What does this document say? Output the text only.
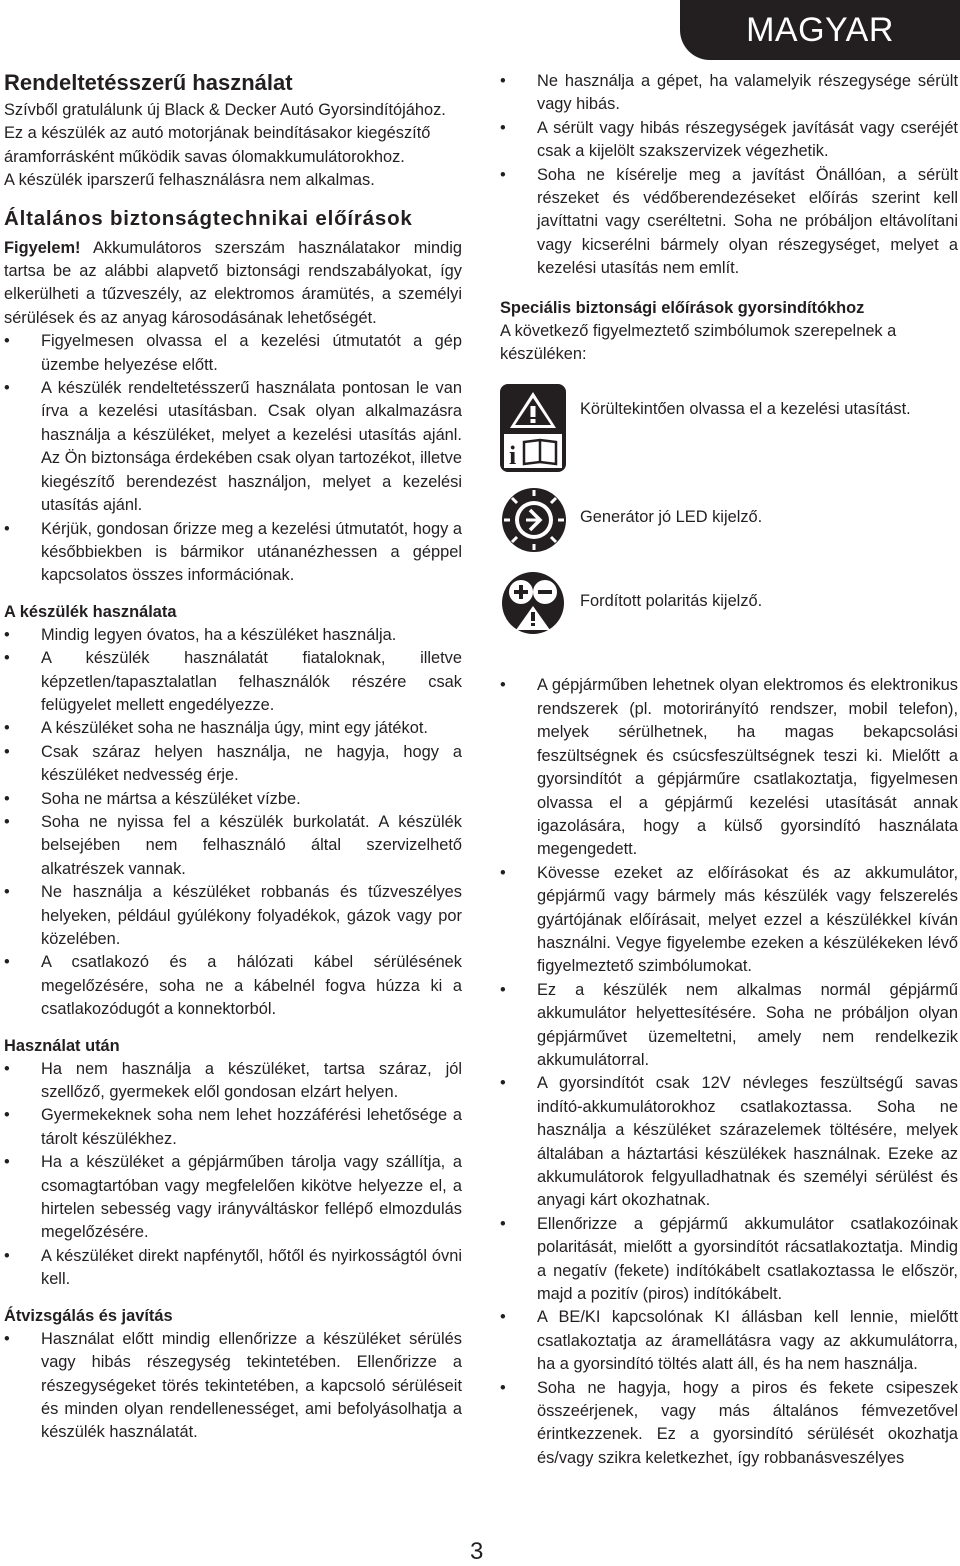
MAGYAR
Rendeltetésszerű használat

Szívből gratulálunk új Black & Decker Autó Gyorsindítójához. Ez a készülék az autó motorjának beindításakor kiegészítő áramforrásként működik savas ólomakkumulátorokhoz.

A készülék iparszerű felhasználásra nem alkalmas.

Általános biztonságtechnikai előírások

Figyelem! Akkumulátoros szerszám használatakor mindig tartsa be az alábbi alapvető biztonsági rendszabályokat, így elkerülheti a tűzveszély, az elektromos áramütés, a személyi sérülések és az anyag károsodásának lehetőségét.

• Figyelmesen olvassa el a kezelési útmutatót a gép üzembe helyezése előtt.
• A készülék rendeltetésszerű használata pontosan le van írva a kezelési utasításban. Csak olyan alkalmazásra használja a készüléket, melyet a kezelési utasítás ajánl. Az Ön biztonsága érdekében csak olyan tartozékot, illetve kiegészítő berendezést használjon, melyet a kezelési utasítás ajánl.
• Kérjük, gondosan őrizze meg a kezelési útmutatót, hogy a későbbiekben is bármikor utánanézhessen a géppel kapcsolatos összes információnak.
A készülék használata
• Mindig legyen óvatos, ha a készüléket használja.
• A készülék használatát fiataloknak, illetve képzetlen/tapasztalatlan felhasználók részére csak felügyelet mellett engedélyezze.
• A készüléket soha ne használja úgy, mint egy játékot.
• Csak száraz helyen használja, ne hagyja, hogy a készüléket nedvesség érje.
• Soha ne mártsa a készüléket vízbe.
• Soha ne nyissa fel a készülék burkolatát. A készülék belsejében nem felhasználó által szervizelhető alkatrészek vannak.
• Ne használja a készüléket robbanás és tűzveszélyes helyeken, például gyúlékony folyadékok, gázok vagy por közelében.
• A csatlakozó és a hálózati kábel sérülésének megelőzésére, soha ne a kábelnél fogva húzza ki a csatlakozódugót a konnektorból.
Használat után
• Ha nem használja a készüléket, tartsa száraz, jól szellőző, gyermekek elől gondosan elzárt helyen.
• Gyermekeknek soha nem lehet hozzáférési lehetősége a tárolt készülékhez.
• Ha a készüléket a gépjárműben tárolja vagy szállítja, a csomagtartóban vagy megfelelően kikötve helyezze el, a hirtelen sebesség vagy irányváltáskor fellépő elmozdulás megelőzésére.
• A készüléket direkt napfénytől, hőtől és nyirkosságtól óvni kell.
Átvizsgálás és javítás
• Használat előtt mindig ellenőrizze a készüléket sérülés vagy hibás részegység tekintetében. Ellenőrizze a részegységeket törés tekintetében, a kapcsoló sérüléseit és minden olyan rendellenességet, ami befolyásolhatja a készülék használatát.
• Ne használja a gépet, ha valamelyik részegysége sérült vagy hibás.
• A sérült vagy hibás részegységek javítását vagy cseréjét csak a kijelölt szakszervizek végezhetik.
• Soha ne kísérelje meg a javítást Önállóan, a sérült részeket és védőberendezéseket előírás szerint kell javíttatni vagy cseréltetni. Soha ne próbáljon eltávolítani vagy kicserélni bármely olyan részegységet, melyet a kezelési utasítás nem említ.
Speciális biztonsági előírások gyorsindítókhoz

A következő figyelmeztető szimbólumok szerepelnek a készüléken:

i

Körültekintően olvassa el a kezelési utasítást.

Generátor jó LED kijelző.

Fordított polaritás kijelző.

• A gépjárműben lehetnek olyan elektromos és elektronikus rendszerek (pl. motorirányító rendszer, mobil telefon), melyek sérülhetnek, ha magas bekapcsolási feszültségnek és csúcsfeszültségnek teszi ki. Mielőtt a gyorsindítót a gépjárműre csatlakoztatja, figyelmesen olvassa el a gépjármű kezelési utasítását annak igazolására, hogy a külső gyorsindító használata megengedett.
• Kövesse ezeket az előírásokat és az akkumulátor, gépjármű vagy bármely más készülék vagy felszerelés gyártójának előírásait, melyet ezzel a készülékkel kíván használni. Vegye figyelembe ezeken a készülékeken lévő figyelmeztető szimbólumokat.
• Ez a készülék nem alkalmas normál gépjármű akkumulátor helyettesítésére. Soha ne próbáljon olyan gépjárművet üzemeltetni, amely nem rendelkezik akkumulátorral.
• A gyorsindítót csak 12V névleges feszültségű savas indító-akkumulátorokhoz csatlakoztassa. Soha ne használja a készüléket szárazelemek töltésére, melyek általában a háztartási készülékek használnak. Ezeke az akkumulátorok felgyulladhatnak és személyi sérülést és anyagi kárt okozhatnak.
• Ellenőrizze a gépjármű akkumulátor csatlakozóinak polaritását, mielőtt a gyorsindítót rácsatlakoztatja. Mindig a negatív (fekete) indítókábelt csatlakoztassa le először, majd a pozitív (piros) indítókábelt.
• A BE/KI kapcsolónak KI állásban kell lennie, mielőtt csatlakoztatja az áramellátásra vagy az akkumulátorra, ha a gyorsindító töltés alatt áll, és ha nem használja.
• Soha ne hagyja, hogy a piros és fekete csipeszek összeérjenek, vagy más általános fémvezetővel érintkezzenek. Ez a gyorsindító sérülését okozhatja és/vagy szikra keletkezhet, így robbanásveszélyes
3
